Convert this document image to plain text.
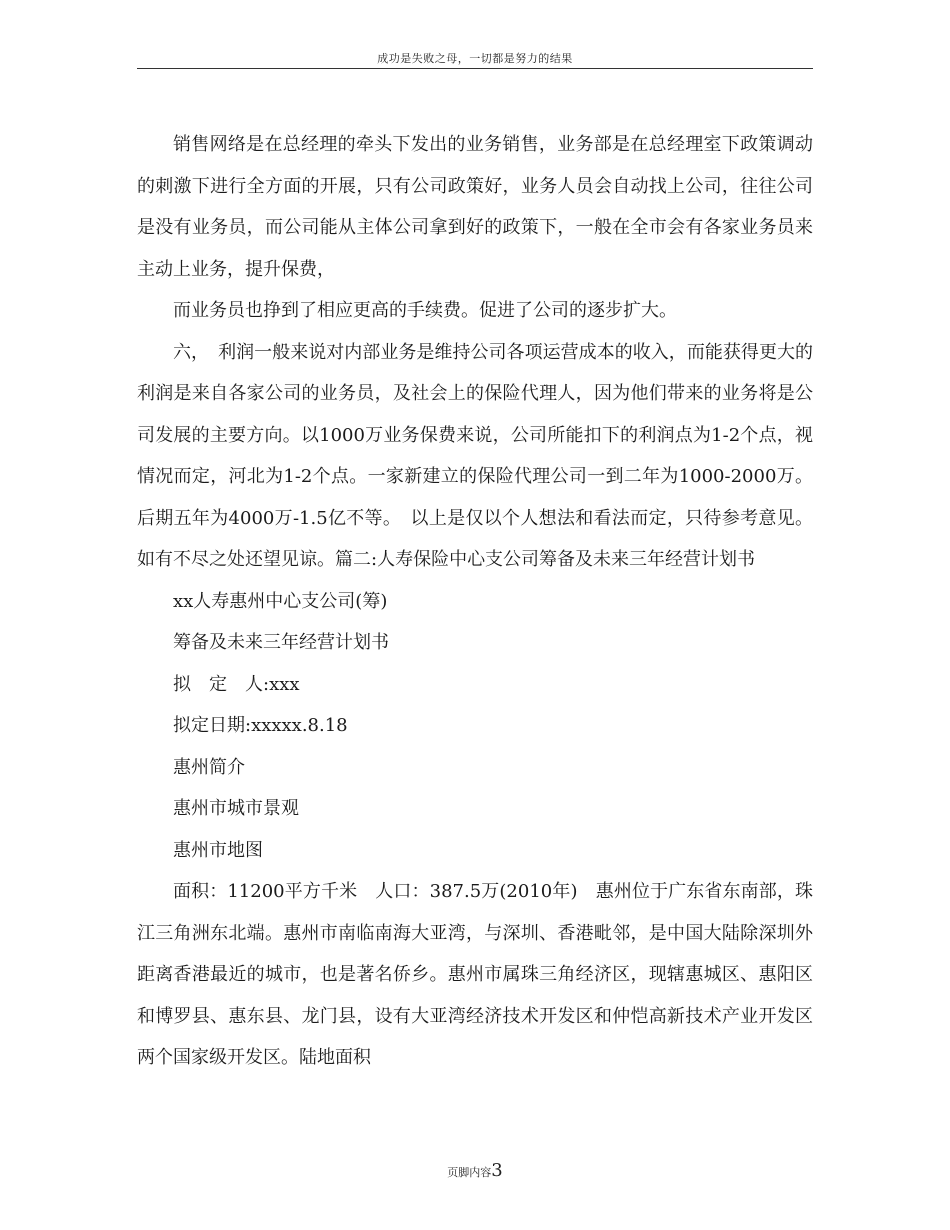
成功是失败之母，一切都是努力的结果

销售网络是在总经理的牵头下发出的业务销售，业务部是在总经理室下政策调动的刺激下进行全方面的开展，只有公司政策好，业务人员会自动找上公司，往往公司是没有业务员，而公司能从主体公司拿到好的政策下，一般在全市会有各家业务员来主动上业务，提升保费，

而业务员也挣到了相应更高的手续费。促进了公司的逐步扩大。

六，　利润一般来说对内部业务是维持公司各项运营成本的收入，而能获得更大的利润是来自各家公司的业务员，及社会上的保险代理人，因为他们带来的业务将是公司发展的主要方向。以1000万业务保费来说，公司所能扣下的利润点为1-2个点，视情况而定，河北为1-2个点。一家新建立的保险代理公司一到二年为1000-2000万。后期五年为4000万-1.5亿不等。　以上是仅以个人想法和看法而定，只待参考意见。如有不尽之处还望见谅。篇二:人寿保险中心支公司筹备及未来三年经营计划书

xx人寿惠州中心支公司(筹)

筹备及未来三年经营计划书

拟　定　人:xxx

拟定日期:xxxxx.8.18

惠州简介

惠州市城市景观

惠州市地图

面积：11200平方千米　人口：387.5万(2010年)　惠州位于广东省东南部，珠江三角洲东北端。惠州市南临南海大亚湾，与深圳、香港毗邻，是中国大陆除深圳外距离香港最近的城市，也是著名侨乡。惠州市属珠三角经济区，现辖惠城区、惠阳区和博罗县、惠东县、龙门县，设有大亚湾经济技术开发区和仲恺高新技术产业开发区两个国家级开发区。陆地面积

页脚内容3
